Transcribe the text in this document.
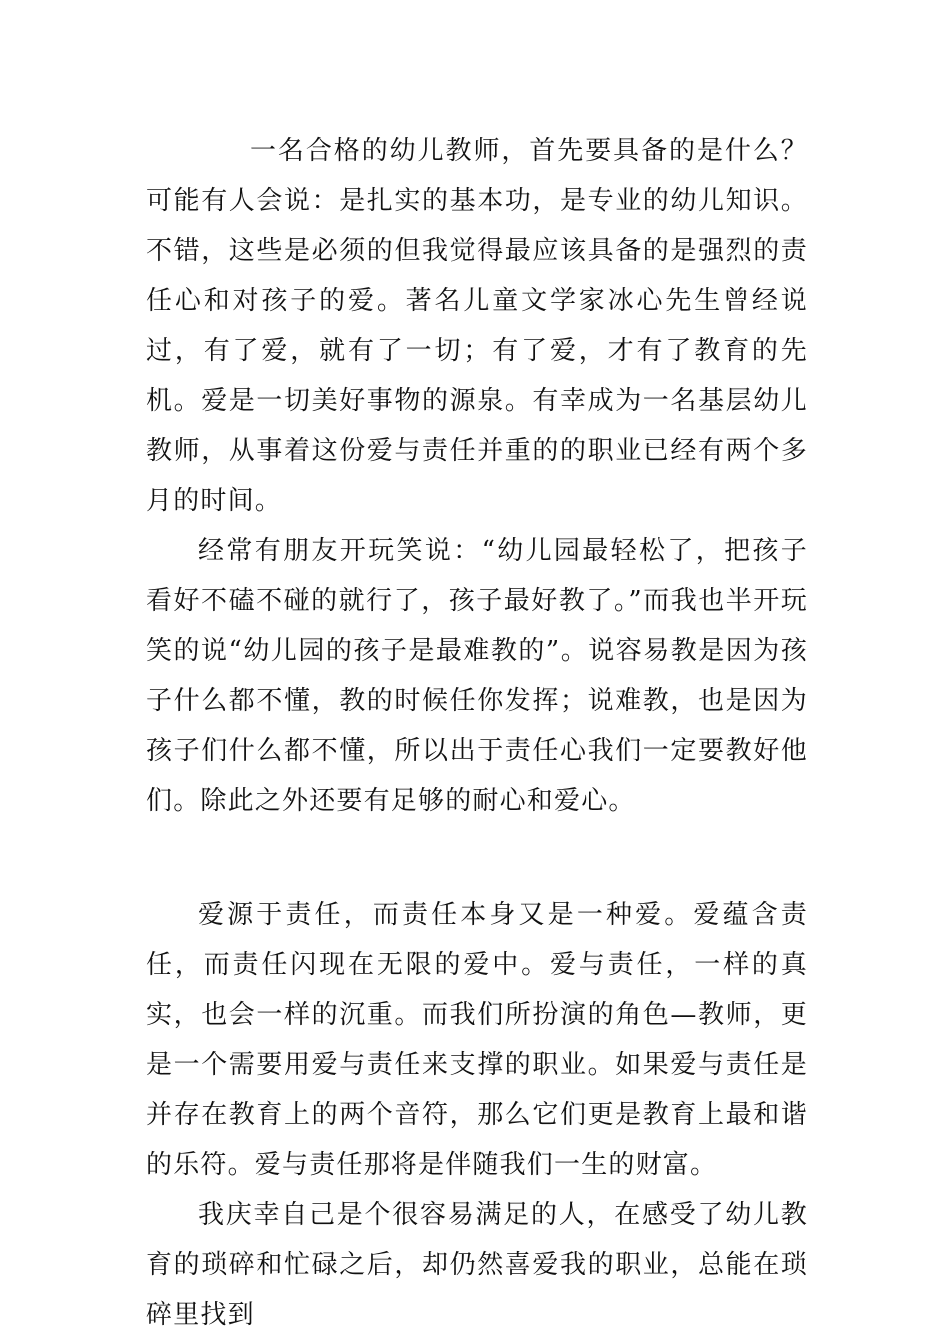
一名合格的幼儿教师，首先要具备的是什么？可能有人会说：是扎实的基本功，是专业的幼儿知识。不错，这些是必须的但我觉得最应该具备的是强烈的责任心和对孩子的爱。著名儿童文学家冰心先生曾经说过，有了爱，就有了一切；有了爱，才有了教育的先机。爱是一切美好事物的源泉。有幸成为一名基层幼儿教师，从事着这份爱与责任并重的的职业已经有两个多月的时间。

经常有朋友开玩笑说：“幼儿园最轻松了，把孩子看好不磕不碰的就行了，孩子最好教了。”而我也半开玩笑的说“幼儿园的孩子是最难教的”。说容易教是因为孩子什么都不懂，教的时候任你发挥；说难教，也是因为孩子们什么都不懂，所以出于责任心我们一定要教好他们。除此之外还要有足够的耐心和爱心。

爱源于责任，而责任本身又是一种爱。爱蕴含责任，而责任闪现在无限的爱中。爱与责任，一样的真实，也会一样的沉重。而我们所扮演的角色—教师，更是一个需要用爱与责任来支撑的职业。如果爱与责任是并存在教育上的两个音符，那么它们更是教育上最和谐的乐符。爱与责任那将是伴随我们一生的财富。

我庆幸自己是个很容易满足的人，在感受了幼儿教育的琐碎和忙碌之后，却仍然喜爱我的职业，总能在琐碎里找到
